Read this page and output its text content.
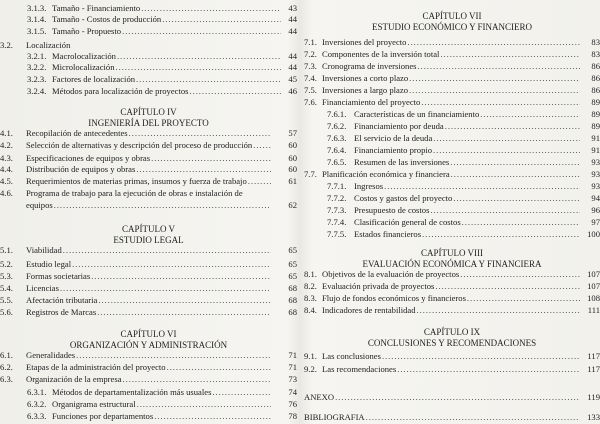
3.1.3. Tamaño - Financiamiento . . .	43
3.1.4. Tamaño - Costos de producción . . .	44
3.1.5. Tamaño - Propuesto . . .	44
3.2. Localización
3.2.1. Macrolocalización . . .	44
3.2.2. Microlocalización . . .	44
3.2.3. Factores de localización . . .	45
3.2.4. Métodos para localización de proyectos . . .	46
CAPÍTULO IV
INGENIERÍA DEL PROYECTO
4.1. Recopilación de antecedentes . . .	57
4.2. Selección de alternativas y descripción del proceso de producción . . .	60
4.3. Especificaciones de equipos y obras . . .	60
4.4. Distribución de equipos y obras . . .	60
4.5. Requerimientos de materias primas, insumos y fuerza de trabajo . . .	61
4.6. Programa de trabajo para la ejecución de obras e instalación de
equipos . . .	62
CAPÍTULO V
ESTUDIO LEGAL
5.1. Viabilidad . . .	65
5.2. Estudio legal . . .	65
5.3. Formas societarias . . .	65
5.4. Licencias . . .	68
5.5. Afectación tributaria . . .	68
5.6. Registros de Marcas . . .	68
CAPÍTULO VI
ORGANIZACIÓN Y ADMINISTRACIÓN
6.1. Generalidades . . .	71
6.2. Etapas de la administración del proyecto . . .	71
6.3. Organización de la empresa . . .	73
6.3.1. Métodos de departamentalización más usuales . . .	74
6.3.2. Organigrama estructural . . .	76
6.3.3. Funciones por departamentos . . .	78
CAPÍTULO VII
ESTUDIO ECONÓMICO Y FINANCIERO
7.1. Inversiones del proyecto . . .	83
7.2. Componentes de la inversión total . . .	83
7.3. Cronograma de inversiones . . .	86
7.4. Inversiones a corto plazo . . .	86
7.5. Inversiones a largo plazo . . .	86
7.6. Financiamiento del proyecto . . .	89
7.6.1. Características de un financiamiento . . .	89
7.6.2. Financiamiento por deuda . . .	89
7.6.3. El servicio de la deuda . . .	91
7.6.4. Financiamiento propio . . .	91
7.6.5. Resumen de las inversiones . . .	93
7.7. Planificación económica y financiera . . .	93
7.7.1. Ingresos . . .	93
7.7.2. Costos y gastos del proyecto . . .	94
7.7.3. Presupuesto de costos . . .	96
7.7.4. Clasificación general de costos . . .	97
7.7.5. Estados financieros . . .	100
CAPÍTULO VIII
EVALUACIÓN ECONÓMICA Y FINANCIERA
8.1. Objetivos de la evaluación de proyectos . . .	107
8.2. Evaluación privada de proyectos . . .	107
8.3. Flujo de fondos económicos y financieros . . .	108
8.4. Indicadores de rentabilidad . . .	111
CAPÍTULO IX
CONCLUSIONES Y RECOMENDACIONES
9.1. Las conclusiones . . .	117
9.2. Las recomendaciones . . .	117
ANEXO . . .	119
BIBLIOGRAFIA . . .	133
